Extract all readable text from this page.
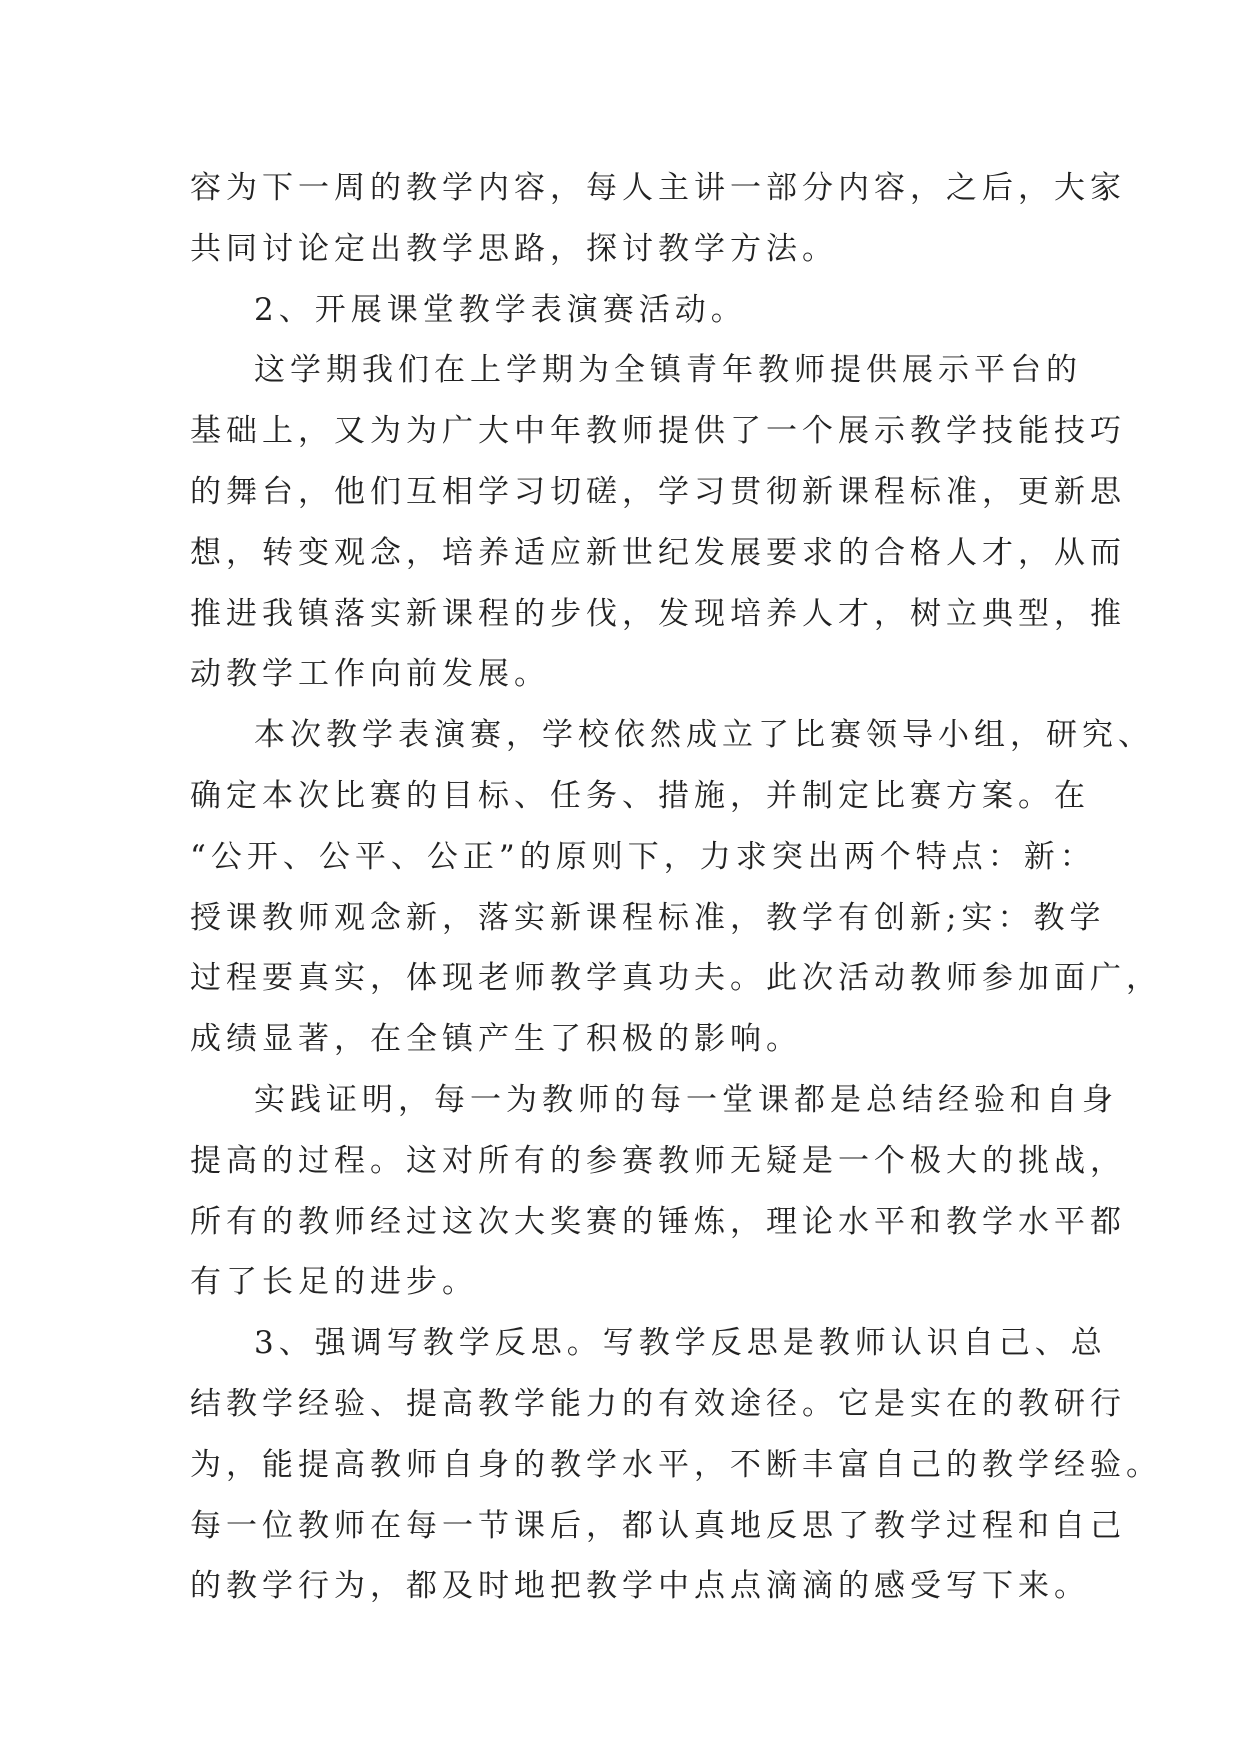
容为下一周的教学内容，每人主讲一部分内容，之后，大家
共同讨论定出教学思路，探讨教学方法。
2、开展课堂教学表演赛活动。
这学期我们在上学期为全镇青年教师提供展示平台的
基础上，又为为广大中年教师提供了一个展示教学技能技巧
的舞台，他们互相学习切磋，学习贯彻新课程标准，更新思
想，转变观念，培养适应新世纪发展要求的合格人才，从而
推进我镇落实新课程的步伐，发现培养人才，树立典型，推
动教学工作向前发展。
本次教学表演赛，学校依然成立了比赛领导小组，研究、
确定本次比赛的目标、任务、措施，并制定比赛方案。在
“公开、公平、公正”的原则下，力求突出两个特点：新：
授课教师观念新，落实新课程标准，教学有创新;实：教学
过程要真实，体现老师教学真功夫。此次活动教师参加面广，
成绩显著，在全镇产生了积极的影响。
实践证明，每一为教师的每一堂课都是总结经验和自身
提高的过程。这对所有的参赛教师无疑是一个极大的挑战，
所有的教师经过这次大奖赛的锤炼，理论水平和教学水平都
有了长足的进步。
3、强调写教学反思。写教学反思是教师认识自己、总
结教学经验、提高教学能力的有效途径。它是实在的教研行
为，能提高教师自身的教学水平，不断丰富自己的教学经验。
每一位教师在每一节课后，都认真地反思了教学过程和自己
的教学行为，都及时地把教学中点点滴滴的感受写下来。
